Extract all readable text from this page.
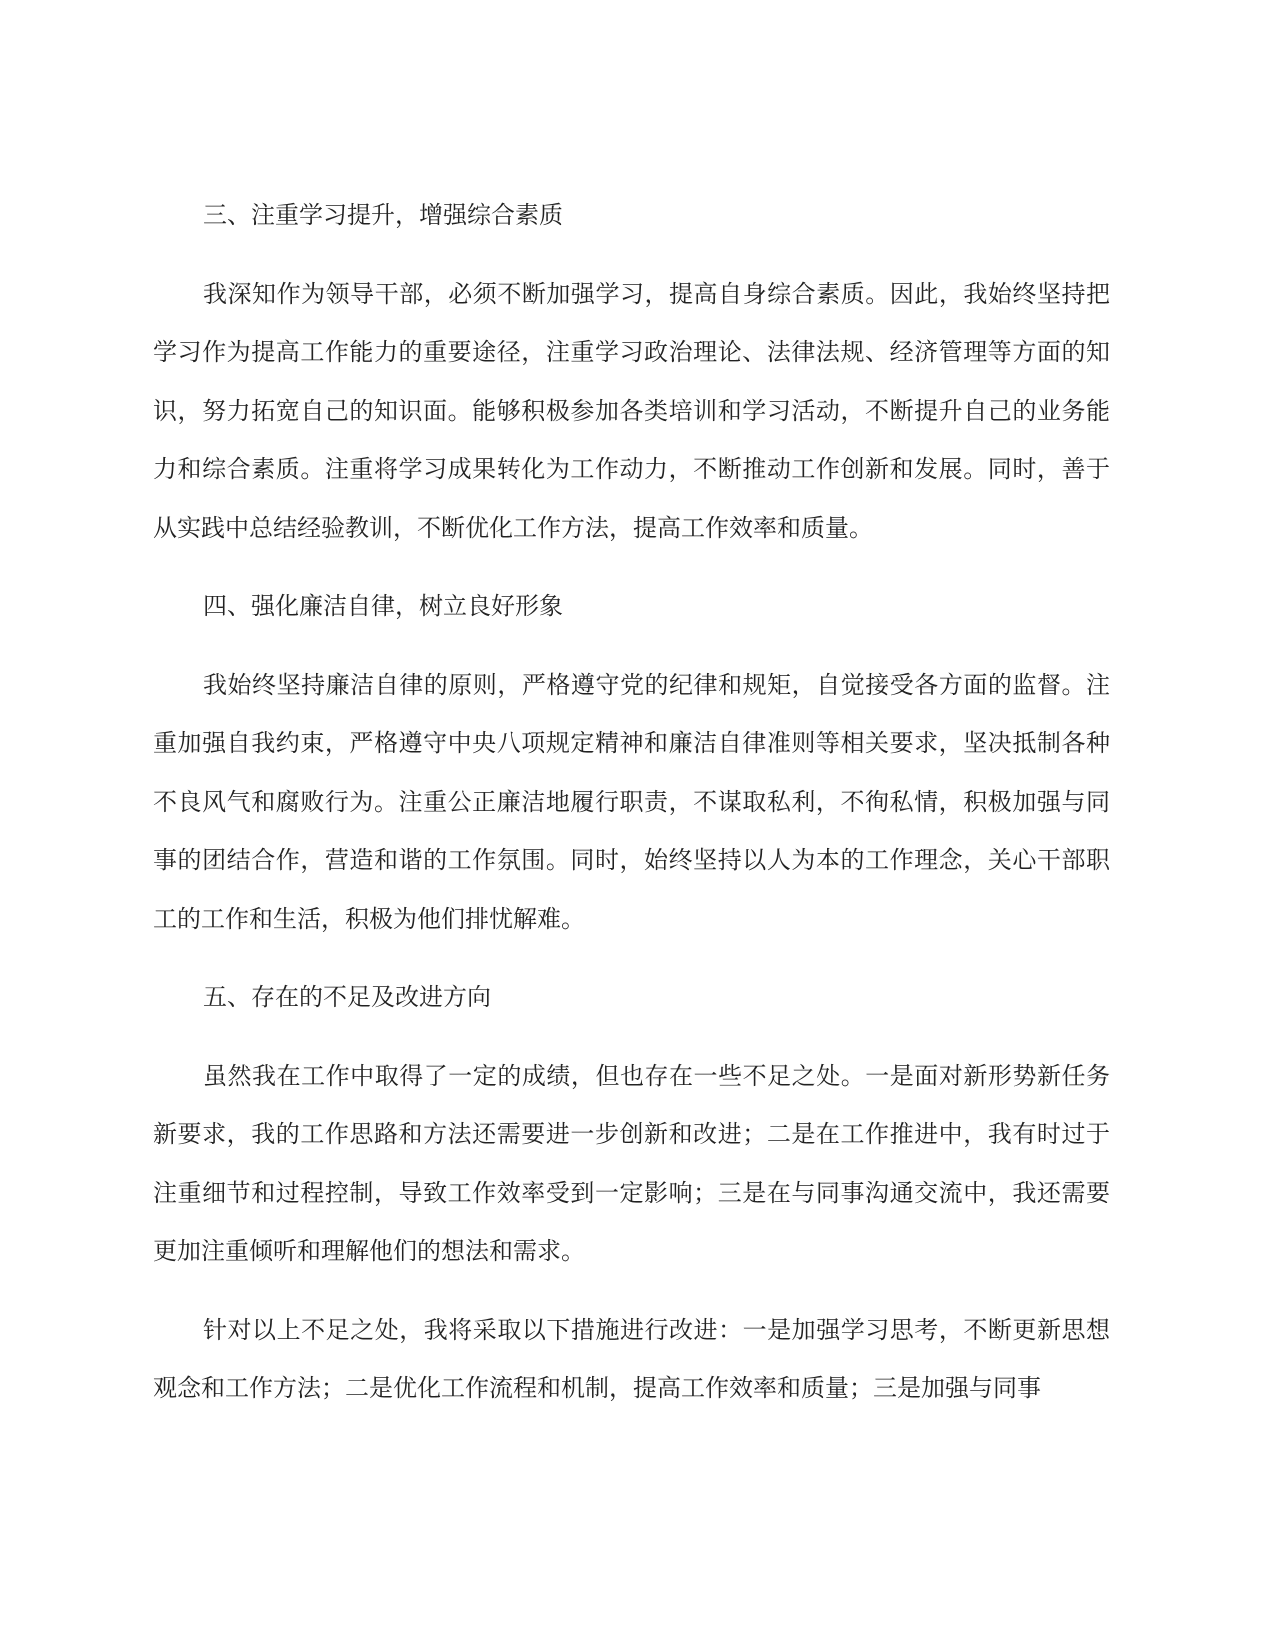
三、注重学习提升，增强综合素质

我深知作为领导干部，必须不断加强学习，提高自身综合素质。因此，我始终坚持把学习作为提高工作能力的重要途径，注重学习政治理论、法律法规、经济管理等方面的知识，努力拓宽自己的知识面。能够积极参加各类培训和学习活动，不断提升自己的业务能力和综合素质。注重将学习成果转化为工作动力，不断推动工作创新和发展。同时，善于从实践中总结经验教训，不断优化工作方法，提高工作效率和质量。

四、强化廉洁自律，树立良好形象

我始终坚持廉洁自律的原则，严格遵守党的纪律和规矩，自觉接受各方面的监督。注重加强自我约束，严格遵守中央八项规定精神和廉洁自律准则等相关要求，坚决抵制各种不良风气和腐败行为。注重公正廉洁地履行职责，不谋取私利，不徇私情，积极加强与同事的团结合作，营造和谐的工作氛围。同时，始终坚持以人为本的工作理念，关心干部职工的工作和生活，积极为他们排忧解难。

五、存在的不足及改进方向

虽然我在工作中取得了一定的成绩，但也存在一些不足之处。一是面对新形势新任务新要求，我的工作思路和方法还需要进一步创新和改进；二是在工作推进中，我有时过于注重细节和过程控制，导致工作效率受到一定影响；三是在与同事沟通交流中，我还需要更加注重倾听和理解他们的想法和需求。

针对以上不足之处，我将采取以下措施进行改进：一是加强学习思考，不断更新思想观念和工作方法；二是优化工作流程和机制，提高工作效率和质量；三是加强与同事
